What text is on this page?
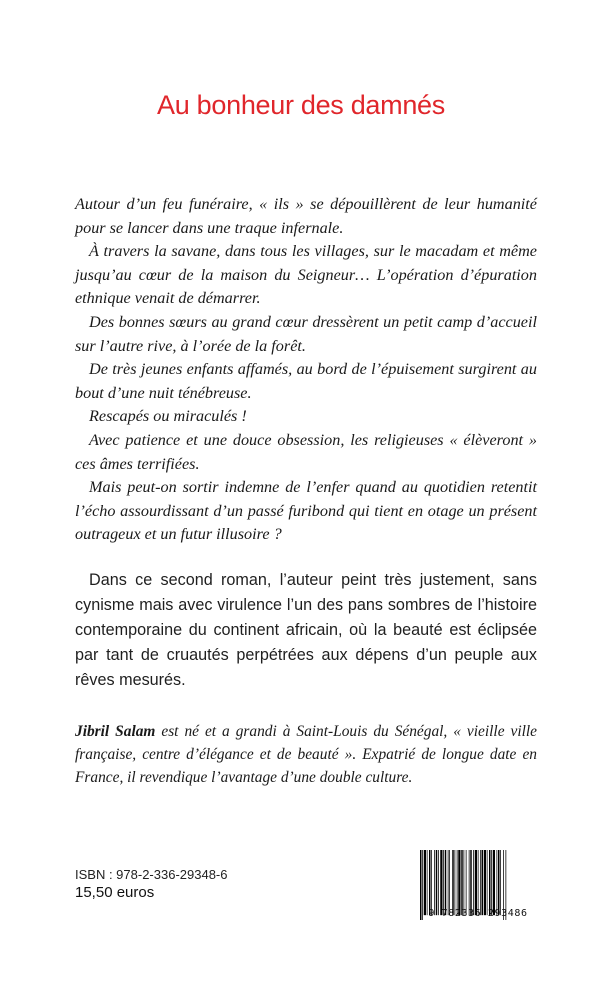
Au bonheur des damnés

Autour d’un feu funéraire, « ils » se dépouillèrent de leur humanité pour se lancer dans une traque infernale.

À travers la savane, dans tous les villages, sur le macadam et même jusqu’au cœur de la maison du Seigneur… L’opération d’épuration ethnique venait de démarrer.

Des bonnes sœurs au grand cœur dressèrent un petit camp d’accueil sur l’autre rive, à l’orée de la forêt.

De très jeunes enfants affamés, au bord de l’épuisement surgirent au bout d’une nuit ténébreuse.

Rescapés ou miraculés !

Avec patience et une douce obsession, les religieuses « élèveront » ces âmes terrifiées.

Mais peut-on sortir indemne de l’enfer quand au quotidien retentit l’écho assourdissant d’un passé furibond qui tient en otage un présent outrageux et un futur illusoire ?

Dans ce second roman, l’auteur peint très justement, sans cynisme mais avec virulence l’un des pans sombres de l’histoire contemporaine du continent africain, où la beauté est éclipsée par tant de cruautés perpétrées aux dépens d’un peuple aux rêves mesurés.

Jibril Salam est né et a grandi à Saint-Louis du Sénégal, « vieille ville française, centre d’élégance et de beauté ». Expatrié de longue date en France, il revendique l’avantage d’une double culture.

ISBN : 978-2-336-29348-6
15,50 euros
9 782336 293486
